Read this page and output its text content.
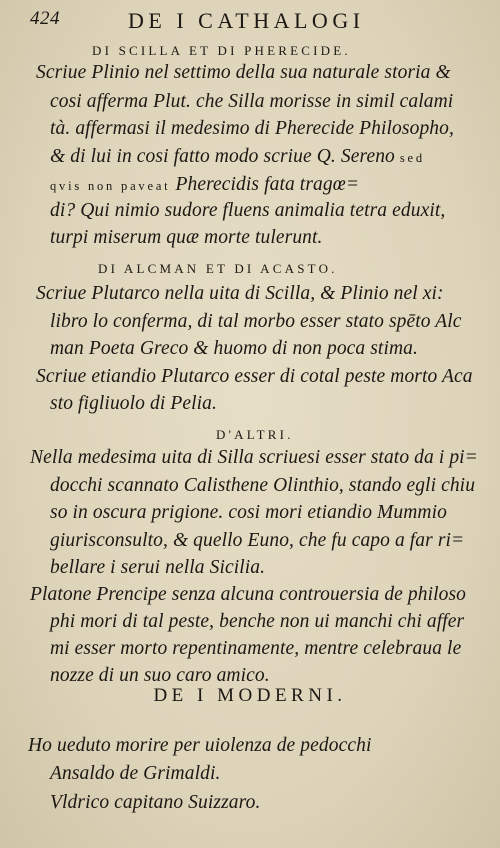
424	DE I CATHALOGI
DI SCILLA ET DI PHERECIDE.
Scriue Plinio nel settimo della sua naturale storia &
cosi afferma Plut. che Silla morisse in simil calami
tà. affermasi il medesimo di Pherecide Philosopho,
& di lui in cosi fatto modo scriue Q. Sereno sed
qvis non paveat Pherecidis fata tragœ=
di? Qui nimio sudore fluens animalia tetra eduxit,
turpi miserum quæ morte tulerunt.
DI ALCMAN ET DI ACASTO.
Scriue Plutarco nella uita di Scilla, & Plinio nel xi:
libro lo conferma, di tal morbo esser stato spēto Alc
man Poeta Greco & huomo di non poca stima.
Scriue etiandio Plutarco esser di cotal peste morto Aca
sto figliuolo di Pelia.
D'ALTRI.
Nella medesima uita di Silla scriuesi esser stato da i pi=
docchi scannato Calisthene Olinthio, stando egli chiu
so in oscura prigione. cosi mori etiandio Mummio
giurisconsulto, & quello Euno, che fu capo a far ri=
bellare i serui nella Sicilia.
Platone Prencipe senza alcuna controuersia de philoso
phi mori di tal peste, benche non ui manchi chi affer
mi esser morto repentinamente, mentre celebraua le
nozze di un suo caro amico.
DE I MODERNI.
Ho ueduto morire per uiolenza de pedocchi
Ansaldo de Grimaldi.
Vldrico capitano Suizzaro.
